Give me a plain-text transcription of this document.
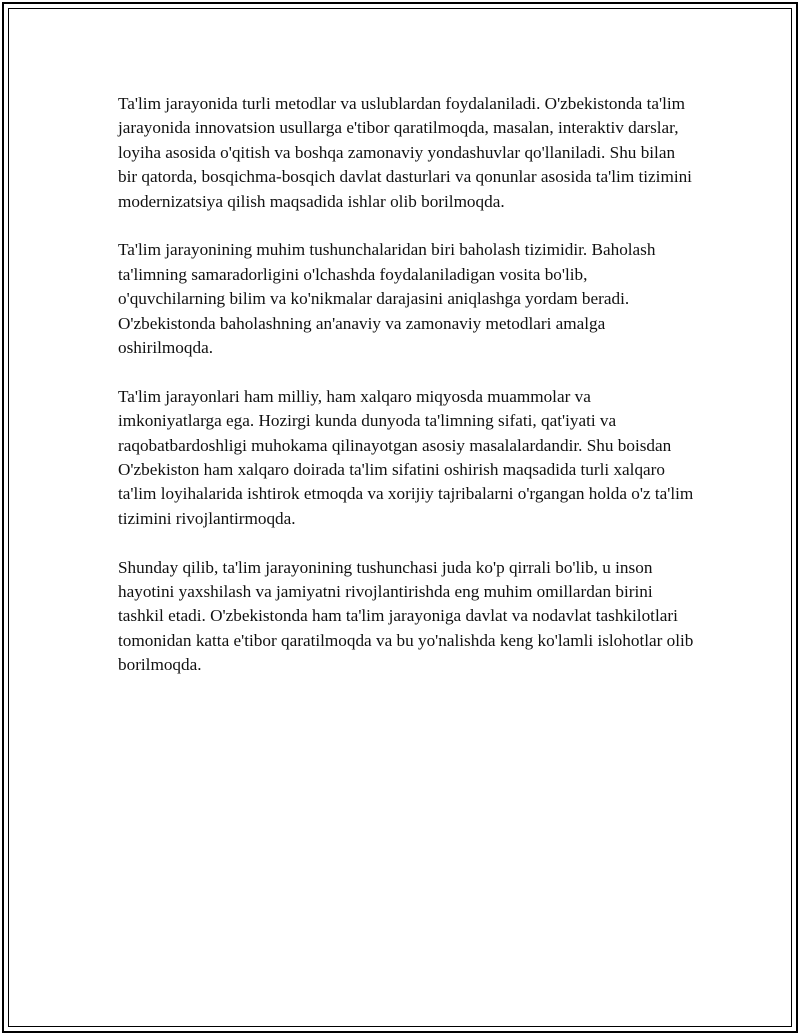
Ta'lim jarayonida turli metodlar va uslublardan foydalaniladi. O'zbekistonda ta'lim jarayonida innovatsion usullarga e'tibor qaratilmoqda, masalan, interaktiv darslar, loyiha asosida o'qitish va boshqa zamonaviy yondashuvlar qo'llaniladi. Shu bilan bir qatorda, bosqichma-bosqich davlat dasturlari va qonunlar asosida ta'lim tizimini modernizatsiya qilish maqsadida ishlar olib borilmoqda.

Ta'lim jarayonining muhim tushunchalaridan biri baholash tizimidir. Baholash ta'limning samaradorligini o'lchashda foydalaniladigan vosita bo'lib, o'quvchilarning bilim va ko'nikmalar darajasini aniqlashga yordam beradi. O'zbekistonda baholashning an'anaviy va zamonaviy metodlari amalga oshirilmoqda.

Ta'lim jarayonlari ham milliy, ham xalqaro miqyosda muammolar va imkoniyatlarga ega. Hozirgi kunda dunyoda ta'limning sifati, qat'iyati va raqobatbardoshligi muhokama qilinayotgan asosiy masalalardandir. Shu boisdan O'zbekiston ham xalqaro doirada ta'lim sifatini oshirish maqsadida turli xalqaro ta'lim loyihalarida ishtirok etmoqda va xorijiy tajribalarni o'rgangan holda o'z ta'lim tizimini rivojlantirmoqda.

Shunday qilib, ta'lim jarayonining tushunchasi juda ko'p qirrali bo'lib, u inson hayotini yaxshilash va jamiyatni rivojlantirishda eng muhim omillardan birini tashkil etadi. O'zbekistonda ham ta'lim jarayoniga davlat va nodavlat tashkilotlari tomonidan katta e'tibor qaratilmoqda va bu yo'nalishda keng ko'lamli islohotlar olib borilmoqda.
